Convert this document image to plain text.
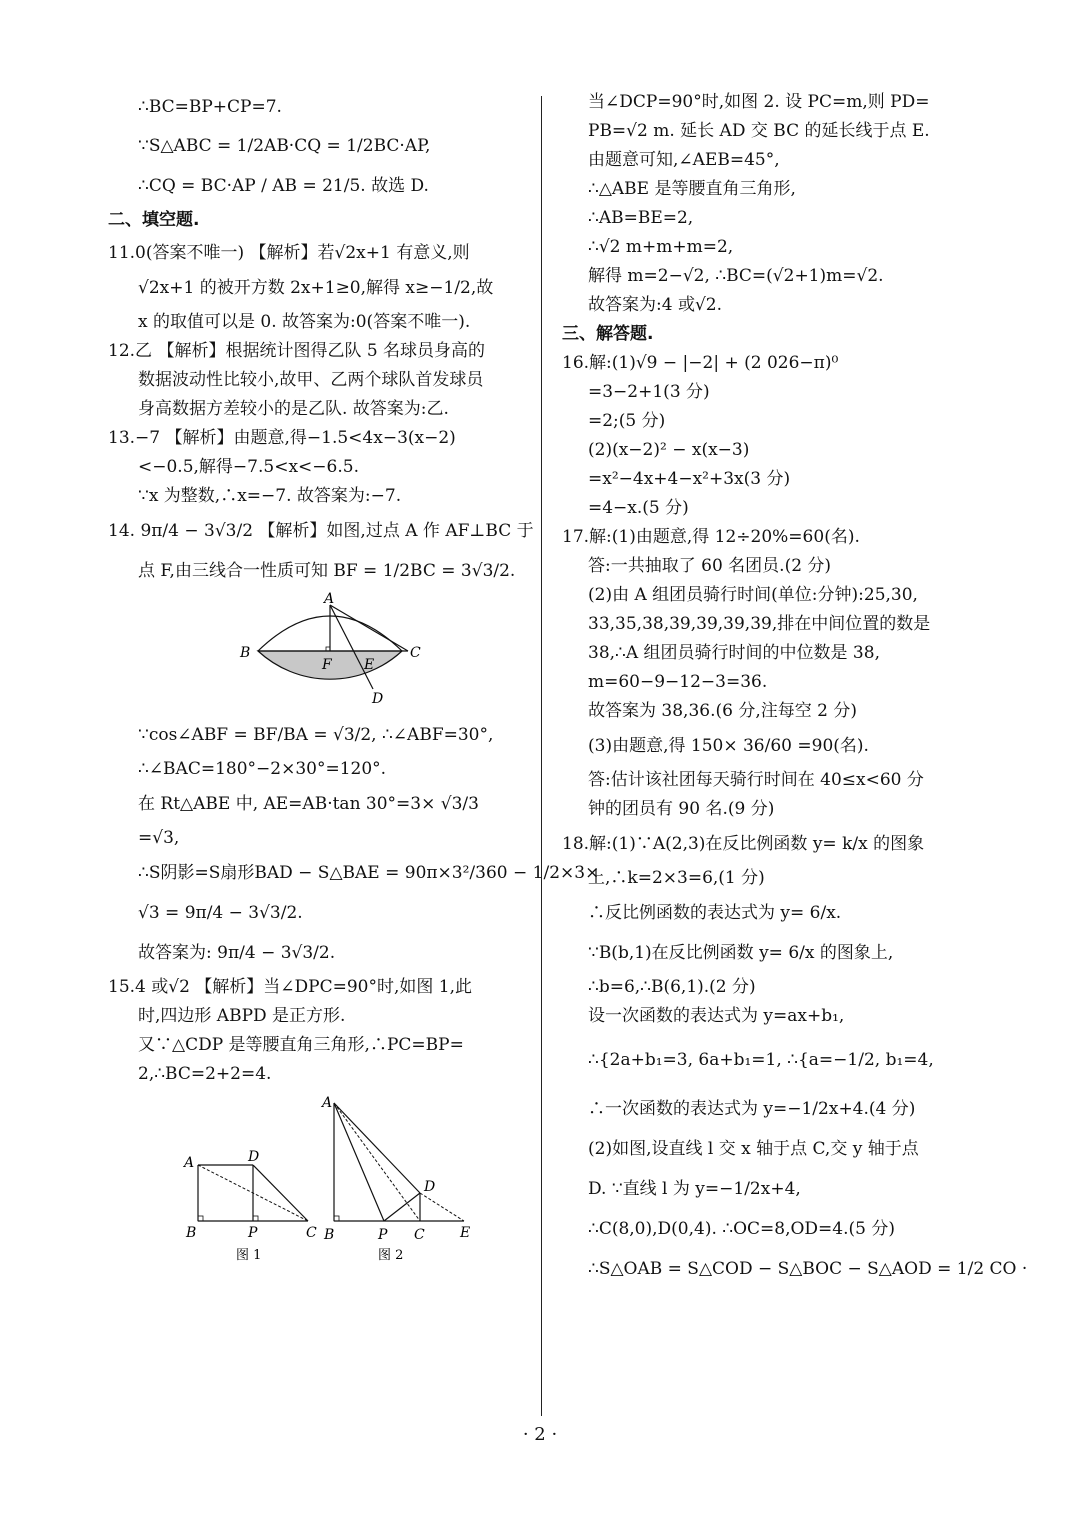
∴BC=BP+CP=7.
∵S△ABC = 1/2AB·CQ = 1/2BC·AP,
∴CQ = BC·AP / AB = 21/5. 故选 D.
二、填空题.
11.0(答案不唯一) 【解析】若√2x+1 有意义,则
√2x+1 的被开方数 2x+1≥0,解得 x≥−1/2,故
x 的取值可以是 0. 故答案为:0(答案不唯一).
12.乙 【解析】根据统计图得乙队 5 名球员身高的
数据波动性比较小,故甲、乙两个球队首发球员
身高数据方差较小的是乙队. 故答案为:乙.
13.−7 【解析】由题意,得−1.5<4x−3(x−2)
<−0.5,解得−7.5<x<−6.5.
∵x 为整数,∴x=−7. 故答案为:−7.
14. 9π/4 − 3√3/2 【解析】如图,过点 A 作 AF⊥BC 于
点 F,由三线合一性质可知 BF = 1/2BC = 3√3/2.
A
B
F E
C
D
∵cos∠ABF = BF/BA = √3/2, ∴∠ABF=30°,
∴∠BAC=180°−2×30°=120°.
在 Rt△ABE 中, AE=AB·tan 30°=3× √3/3
=√3,
∴S阴影=S扇形BAD − S△BAE = 90π×3²/360 − 1/2×3×
√3 = 9π/4 − 3√3/2.
故答案为: 9π/4 − 3√3/2.
15.4 或√2 【解析】当∠DPC=90°时,如图 1,此
时,四边形 ABPD 是正方形.
又∵△CDP 是等腰直角三角形,∴PC=BP=
2,∴BC=2+2=4.
A	D
B	P	C
图 1
A
D
B	P C	E
图 2
当∠DCP=90°时,如图 2. 设 PC=m,则 PD=
PB=√2 m. 延长 AD 交 BC 的延长线于点 E.
由题意可知,∠AEB=45°,
∴△ABE 是等腰直角三角形,
∴AB=BE=2,
∴√2 m+m+m=2,
解得 m=2−√2, ∴BC=(√2+1)m=√2.
故答案为:4 或√2.
三、解答题.
16.解:(1)√9 − |−2| + (2 026−π)⁰
=3−2+1(3 分)
=2;(5 分)
(2)(x−2)² − x(x−3)
=x²−4x+4−x²+3x(3 分)
=4−x.(5 分)
17.解:(1)由题意,得 12÷20%=60(名).
答:一共抽取了 60 名团员.(2 分)
(2)由 A 组团员骑行时间(单位:分钟):25,30,
33,35,38,39,39,39,39,排在中间位置的数是
38,∴A 组团员骑行时间的中位数是 38,
m=60−9−12−3=36.
故答案为 38,36.(6 分,注每空 2 分)
(3)由题意,得 150× 36/60 =90(名).
答:估计该社团每天骑行时间在 40≤x<60 分
钟的团员有 90 名.(9 分)
18.解:(1)∵A(2,3)在反比例函数 y= k/x 的图象
上,∴k=2×3=6,(1 分)
∴反比例函数的表达式为 y= 6/x.
∵B(b,1)在反比例函数 y= 6/x 的图象上,
∴b=6,∴B(6,1).(2 分)
设一次函数的表达式为 y=ax+b₁,
∴{2a+b₁=3, 6a+b₁=1, ∴{a=−1/2, b₁=4,
∴一次函数的表达式为 y=−1/2x+4.(4 分)
(2)如图,设直线 l 交 x 轴于点 C,交 y 轴于点
D. ∵直线 l 为 y=−1/2x+4,
∴C(8,0),D(0,4). ∴OC=8,OD=4.(5 分)
∴S△OAB = S△COD − S△BOC − S△AOD = 1/2 CO ·
· 2 ·
